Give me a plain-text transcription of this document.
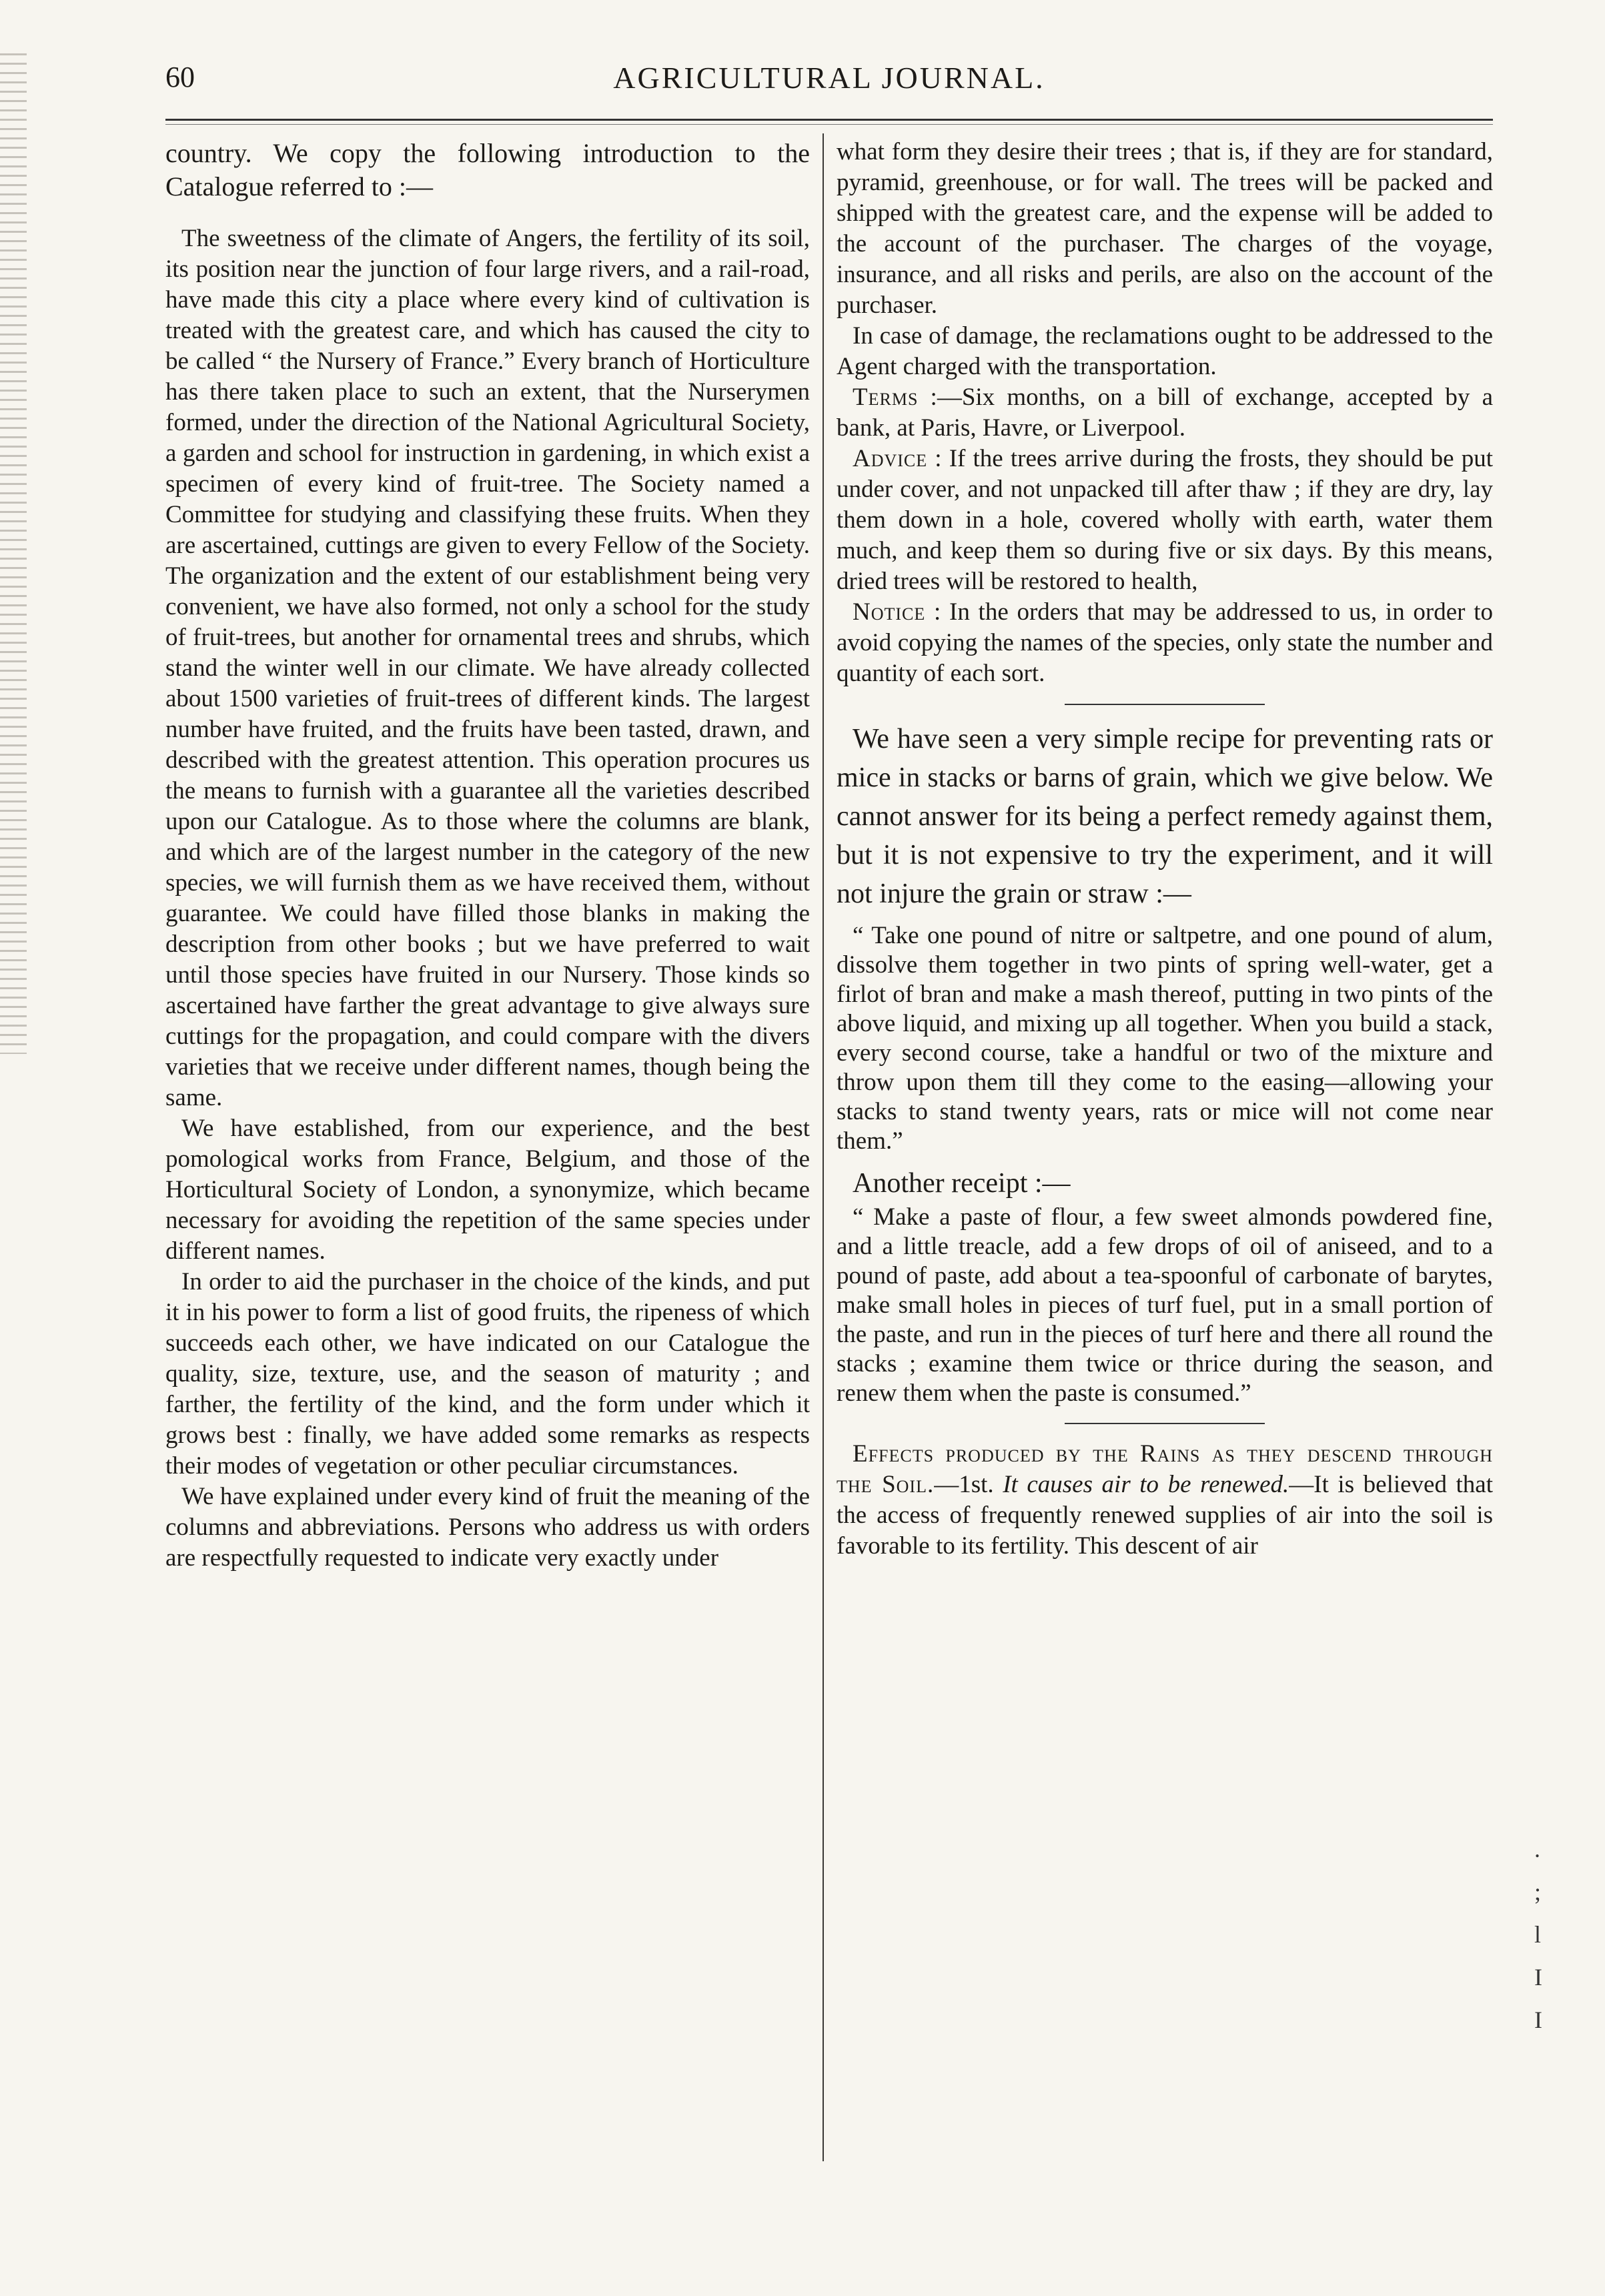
60	AGRICULTURAL JOURNAL.

country. We copy the following introduction to the Catalogue referred to :—

The sweetness of the climate of Angers, the fertility of its soil, its position near the junction of four large rivers, and a rail-road, have made this city a place where every kind of cultivation is treated with the greatest care, and which has caused the city to be called “ the Nursery of France.” Every branch of Horticulture has there taken place to such an extent, that the Nurserymen formed, under the direction of the National Agricultural Society, a garden and school for instruction in gardening, in which exist a specimen of every kind of fruit-tree. The Society named a Committee for studying and classifying these fruits. When they are ascertained, cuttings are given to every Fellow of the Society. The organization and the extent of our establishment being very convenient, we have also formed, not only a school for the study of fruit-trees, but another for ornamental trees and shrubs, which stand the winter well in our climate. We have already collected about 1500 varieties of fruit-trees of different kinds. The largest number have fruited, and the fruits have been tasted, drawn, and described with the greatest attention. This operation procures us the means to furnish with a guarantee all the varieties described upon our Catalogue. As to those where the columns are blank, and which are of the largest number in the category of the new species, we will furnish them as we have received them, without guarantee. We could have filled those blanks in making the description from other books ; but we have preferred to wait until those species have fruited in our Nursery. Those kinds so ascertained have farther the great advantage to give always sure cuttings for the propagation, and could compare with the divers varieties that we receive under different names, though being the same.

We have established, from our experience, and the best pomological works from France, Belgium, and those of the Horticultural Society of London, a synonymize, which became necessary for avoiding the repetition of the same species under different names.

In order to aid the purchaser in the choice of the kinds, and put it in his power to form a list of good fruits, the ripeness of which succeeds each other, we have indicated on our Catalogue the quality, size, texture, use, and the season of maturity ; and farther, the fertility of the kind, and the form under which it grows best : finally, we have added some remarks as respects their modes of vegetation or other peculiar circumstances.

We have explained under every kind of fruit the meaning of the columns and abbreviations. Persons who address us with orders are respectfully requested to indicate very exactly under

what form they desire their trees ; that is, if they are for standard, pyramid, greenhouse, or for wall. The trees will be packed and shipped with the greatest care, and the expense will be added to the account of the purchaser. The charges of the voyage, insurance, and all risks and perils, are also on the account of the purchaser.

In case of damage, the reclamations ought to be addressed to the Agent charged with the transportation.

Terms :—Six months, on a bill of exchange, accepted by a bank, at Paris, Havre, or Liverpool.

Advice : If the trees arrive during the frosts, they should be put under cover, and not unpacked till after thaw ; if they are dry, lay them down in a hole, covered wholly with earth, water them much, and keep them so during five or six days. By this means, dried trees will be restored to health,

Notice : In the orders that may be addressed to us, in order to avoid copying the names of the species, only state the number and quantity of each sort.

We have seen a very simple recipe for preventing rats or mice in stacks or barns of grain, which we give below. We cannot answer for its being a perfect remedy against them, but it is not expensive to try the experiment, and it will not injure the grain or straw :—

“ Take one pound of nitre or saltpetre, and one pound of alum, dissolve them together in two pints of spring well-water, get a firlot of bran and make a mash thereof, putting in two pints of the above liquid, and mixing up all together. When you build a stack, every second course, take a handful or two of the mixture and throw upon them till they come to the easing—allowing your stacks to stand twenty years, rats or mice will not come near them.”

Another receipt :—

“ Make a paste of flour, a few sweet almonds powdered fine, and a little treacle, add a few drops of oil of aniseed, and to a pound of paste, add about a tea-spoonful of carbonate of barytes, make small holes in pieces of turf fuel, put in a small portion of the paste, and run in the pieces of turf here and there all round the stacks ; examine them twice or thrice during the season, and renew them when the paste is consumed.”

Effects produced by the Rains as they descend through the Soil.—1st. It causes air to be renewed.—It is believed that the access of frequently renewed supplies of air into the soil is favorable to its fertility. This descent of air

.
;
l
I
I
